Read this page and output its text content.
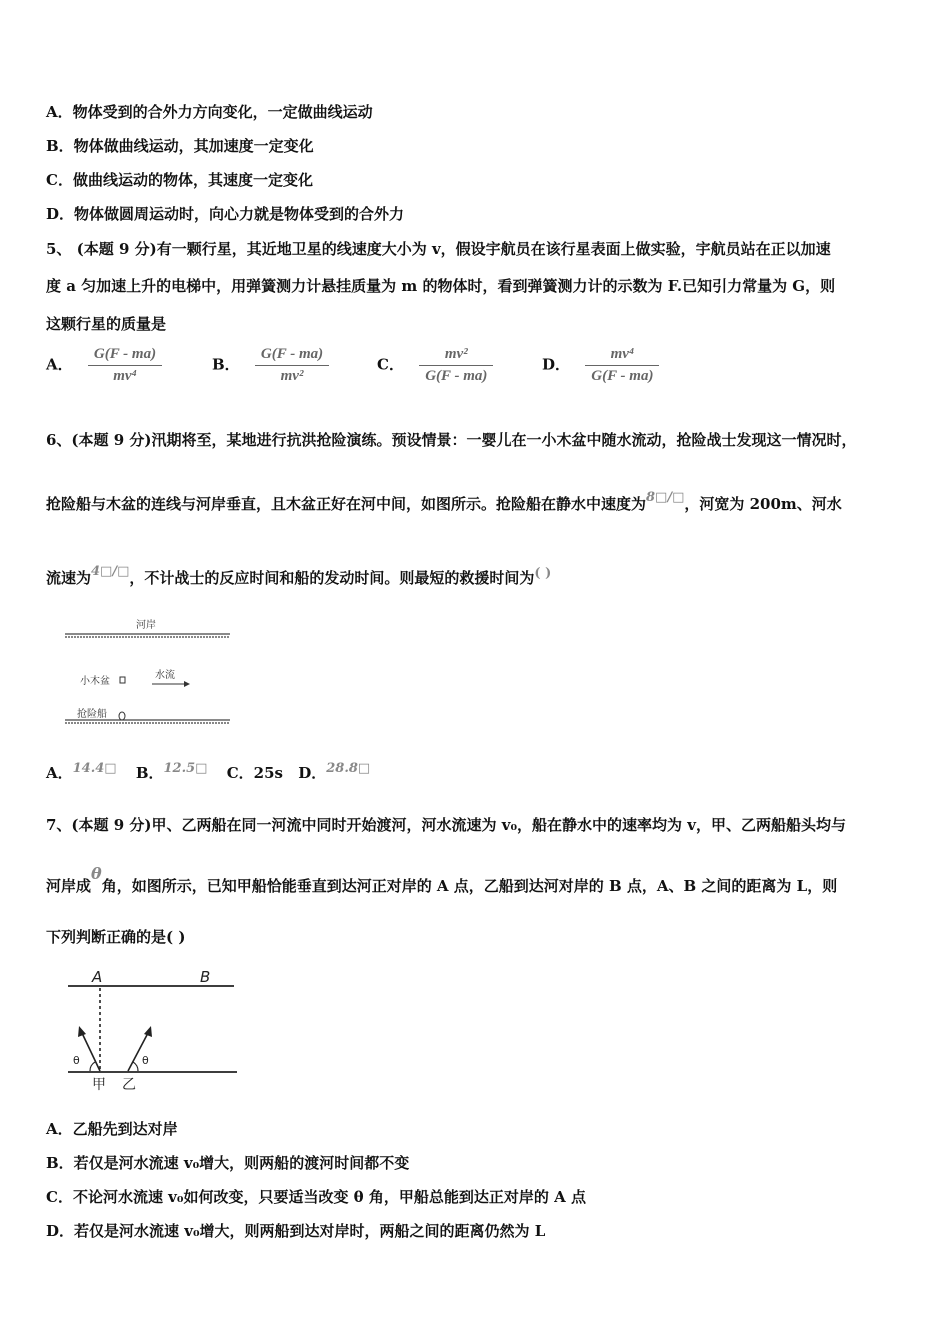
A．物体受到的合外力方向变化，一定做曲线运动
B．物体做曲线运动，其加速度一定变化
C．做曲线运动的物体，其速度一定变化
D．物体做圆周运动时，向心力就是物体受到的合外力
5、 (本题 9 分)有一颗行星，其近地卫星的线速度大小为 v，假设宇航员在该行星表面上做实验，宇航员站在正以加速
度 a 匀加速上升的电梯中，用弹簧测力计悬挂质量为 m 的物体时，看到弹簧测力计的示数为 F.已知引力常量为 G，则
这颗行星的质量是
A． $\frac{G(F - ma)}{\text{mv⁴}}$	B． $\frac{G(F - ma)}{\text{mv²}}$	C． $\frac{\text{mv²}}{G(F - ma)}$	D． $\frac{\text{mv⁴}}{G(F - ma)}$
6、(本题 9 分)汛期将至，某地进行抗洪抢险演练。预设情景：一婴儿在一小木盆中随水流动，抢险战士发现这一情况时，
抢险船与木盆的连线与河岸垂直，且木盆正好在河中间，如图所示。抢险船在静水中速度为8□/□，河宽为 200m、河水
流速为4□/□，不计战士的反应时间和船的发动时间。则最短的救援时间为( )
河岸
小木盆
水流
抢险船
A．14.4□ B．12.5□ C．25s D．28.8□
7、(本题 9 分)甲、乙两船在同一河流中同时开始渡河，河水流速为 v₀，船在静水中的速率均为 v，甲、乙两船船头均与
河岸成θ角，如图所示，已知甲船恰能垂直到达河正对岸的 A 点，乙船到达河对岸的 B 点，A、B 之间的距离为 L，则
下列判断正确的是( )
A	B
θ	θ
甲 乙
A．乙船先到达对岸
B．若仅是河水流速 v₀增大，则两船的渡河时间都不变
C．不论河水流速 v₀如何改变，只要适当改变 θ 角，甲船总能到达正对岸的 A 点
D．若仅是河水流速 v₀增大，则两船到达对岸时，两船之间的距离仍然为 L
